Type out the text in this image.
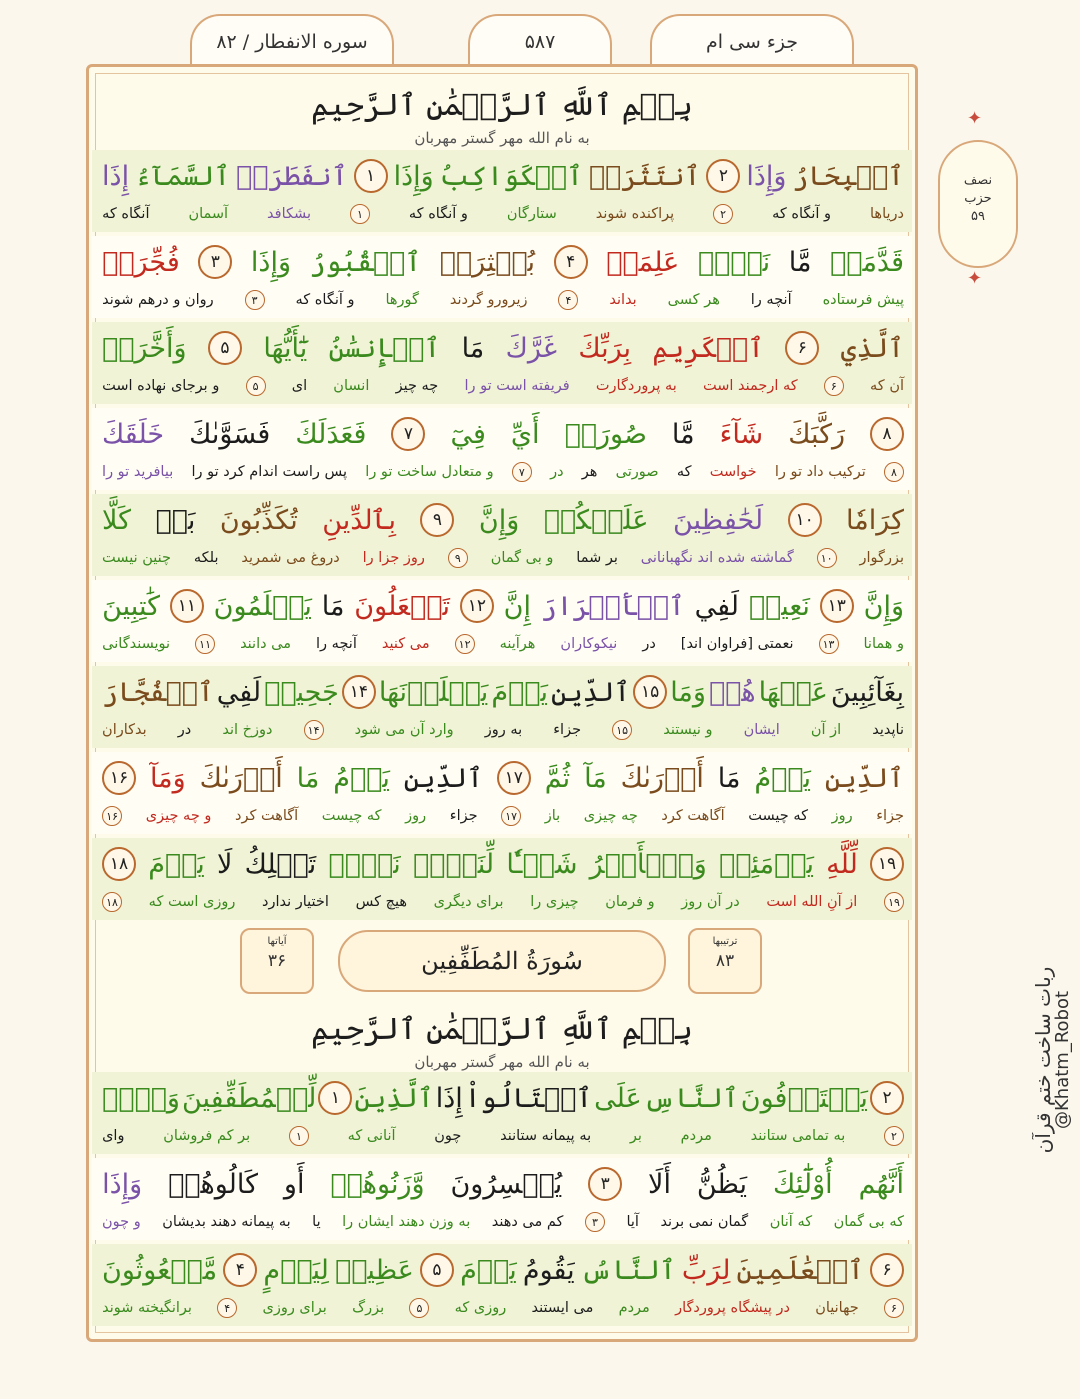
جزء سی ام
۵۸۷
سوره الانفطار / ۸۲
نصف
حزب
۵۹
✦
✦
بِسۡمِ ٱللَّهِ ٱلرَّحۡمَٰنِ ٱلرَّحِيمِ
به نام الله مهر گستر مهربان
إِذَا ٱلسَّمَآءُ ٱنفَطَرَتۡ	۱ وَإِذَا ٱلۡكَوَاكِبُ ٱنتَثَرَتۡ	۲ وَإِذَا ٱلۡبِحَارُ
آنگاه که	آسمان	بشکافد	۱	و آنگاه که	ستارگان	پراکنده شوند	۲	و آنگاه که	دریاها
فُجِّرَتۡ	۳	وَإِذَا ٱلۡقُبُورُ بُعۡثِرَتۡ	۴	عَلِمَتۡ نَفۡسٞ مَّا قَدَّمَتۡ
روان و درهم شوند	۳	و آنگاه که گورها زیرورو گردند	۴	بداند هر کسی آنچه را پیش فرستاده
وَأَخَّرَتۡ	۵	يَٰٓأَيُّهَا ٱلۡإِنسَٰنُ مَا غَرَّكَ بِرَبِّكَ ٱلۡكَرِيمِ	۶	ٱلَّذِي
و برجای نهاده است	۵	ای انسان چه چیز فریفته است تو را به پروردگارت که ارجمند است	۶	آن که
خَلَقَكَ فَسَوَّىٰكَ فَعَدَلَكَ	۷	فِيٓ أَيِّ صُورَةٖ مَّا شَآءَ رَكَّبَكَ	۸
بیافرید تو را پس راست اندام کرد تو را و متعادل ساخت تو را	۷	در هر صورتی که خواست ترکیب داد تو را	۸
كَلَّا بَلۡ تُكَذِّبُونَ بِٱلدِّينِ	۹	وَإِنَّ عَلَيۡكُمۡ لَحَٰفِظِينَ	۱۰ كِرَامٗا
چنین نیست بلکه دروغ می شمرید روز جزا را	۹	و بی گمان بر شما گماشته شده اند نگهبانانی	۱۰ بزرگوار
كَٰتِبِينَ	۱۱ يَعۡلَمُونَ مَا تَفۡعَلُونَ	۱۲ إِنَّ ٱلۡأَبۡرَارَ لَفِي نَعِيمٖ	۱۳ وَإِنَّ
نویسندگانی	۱۱ می دانند آنچه را می کنید	۱۲ هرآینه نیکوکاران در نعمتی [فراوان اند]	۱۳ و همانا
ٱلۡفُجَّارَ لَفِي جَحِيمٖ ۱۴ يَصۡلَوۡنَهَا يَوۡمَ ٱلدِّينِ ۱۵ وَمَا هُمۡ عَنۡهَا بِغَآئِبِينَ
بدکاران در دوزخ اند	۱۴ وارد آن می شود به روز جزاء	۱۵ و نیستند ایشان از آن ناپدید
۱۶ وَمَآ أَدۡرَىٰكَ مَا يَوۡمُ ٱلدِّينِ	۱۷ ثُمَّ مَآ أَدۡرَىٰكَ مَا يَوۡمُ ٱلدِّينِ
۱۶ و چه چیزی آگاهت کرد که چیست روز جزاء	۱۷ باز چه چیزی آگاهت کرد که چیست روز جزاء
۱۸ يَوۡمَ لَا تَمۡلِكُ نَفۡسٞ لِّنَفۡسٖ شَيۡـٔٗا وَٱلۡأَمۡرُ يَوۡمَئِذٖ لِّلَّهِ	۱۹
۱۸ روزی است که اختیار ندارد هیچ کس برای دیگری چیزی را و فرمان در آن روز از آنِ الله است	۱۹
ترتیبها
۸۳
سُورَةُ المُطَفِّفِين
آیاتها
۳۶
بِسۡمِ ٱللَّهِ ٱلرَّحۡمَٰنِ ٱلرَّحِيمِ
به نام الله مهر گستر مهربان
وَيۡلٞ لِّلۡمُطَفِّفِينَ ۱ ٱلَّذِينَ إِذَا ٱكۡتَالُواْ عَلَى ٱلنَّاسِ يَسۡتَوۡفُونَ ۲
وای	بر کم فروشان	۱	آنانی که	چون	به پیمانه ستانند	بر	مردم	به تمامی ستانند	۲
وَإِذَا كَالُوهُمۡ أَو وَّزَنُوهُمۡ يُخۡسِرُونَ	۳	أَلَا يَظُنُّ أُوْلَٰٓئِكَ أَنَّهُم
و چون به پیمانه دهند بدیشان یا به وزن دهند ایشان را کم می دهند	۳	آیا گمان نمی برند که آنان که بی گمان
مَّبۡعُوثُونَ	۴ لِيَوۡمٍ عَظِيمٖ	۵ يَوۡمَ يَقُومُ ٱلنَّاسُ لِرَبِّ ٱلۡعَٰلَمِينَ	۶
برانگیخته شوند	۴	برای روزی بزرگ	۵	روزی که می ایستند مردم در پیشگاه پروردگار جهانیان	۶
ربات ساخت ختم قرآن
@Khatm_Robot
